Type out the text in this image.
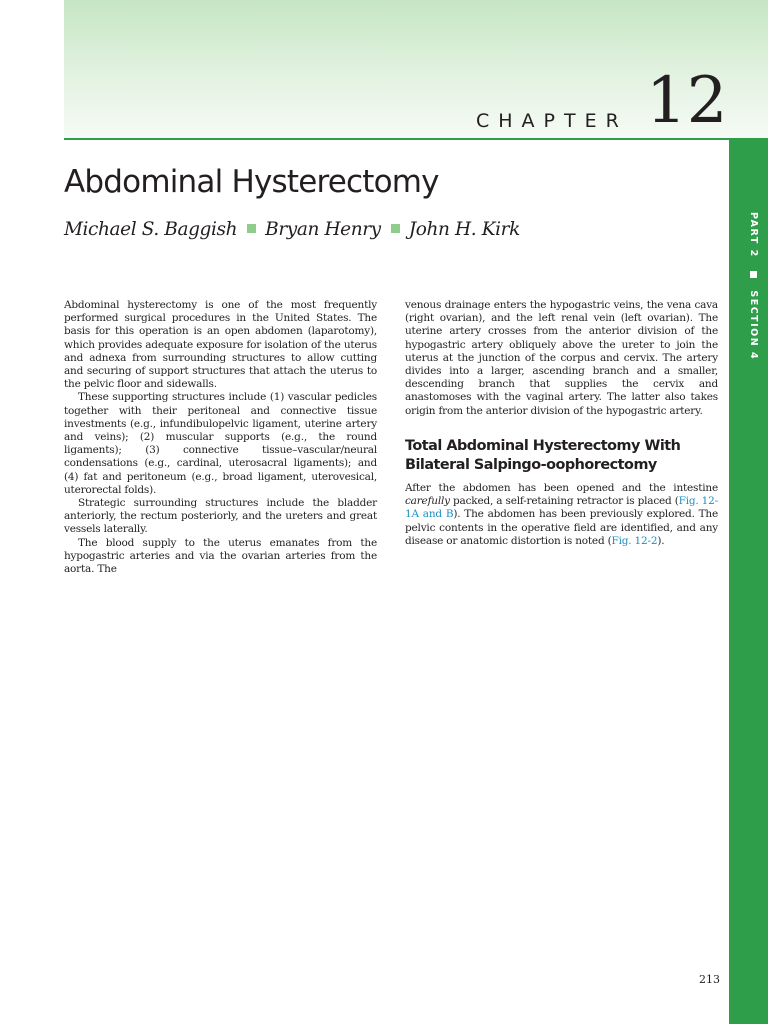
CHAPTER 12
PART 2  SECTION 4
Abdominal Hysterectomy
Michael S. Baggish Bryan Henry John H. Kirk

Abdominal hysterectomy is one of the most frequently performed surgical procedures in the United States. The basis for this operation is an open abdomen (laparotomy), which provides adequate exposure for isolation of the uterus and adnexa from surrounding structures to allow cutting and securing of support structures that attach the uterus to the pelvic floor and sidewalls.

These supporting structures include (1) vascular pedicles together with their peritoneal and connective tissue investments (e.g., infundibulopelvic ligament, uterine artery and veins); (2) muscular supports (e.g., the round ligaments); (3) connective tissue–vascular/neural condensations (e.g., cardinal, uterosacral ligaments); and (4) fat and peritoneum (e.g., broad ligament, uterovesical, uterorectal folds).

Strategic surrounding structures include the bladder anteriorly, the rectum posteriorly, and the ureters and great vessels laterally.

The blood supply to the uterus emanates from the hypogastric arteries and via the ovarian arteries from the aorta. The

venous drainage enters the hypogastric veins, the vena cava (right ovarian), and the left renal vein (left ovarian). The uterine artery crosses from the anterior division of the hypogastric artery obliquely above the ureter to join the uterus at the junction of the corpus and cervix. The artery divides into a larger, ascending branch and a smaller, descending branch that supplies the cervix and anastomoses with the vaginal artery. The latter also takes origin from the anterior division of the hypogastric artery.

Total Abdominal Hysterectomy With Bilateral Salpingo-oophorectomy

After the abdomen has been opened and the intestine carefully packed, a self-retaining retractor is placed (Fig. 12-1A and B). The abdomen has been previously explored. The pelvic contents in the operative field are identified, and any disease or anatomic distortion is noted (Fig. 12-2).

213
